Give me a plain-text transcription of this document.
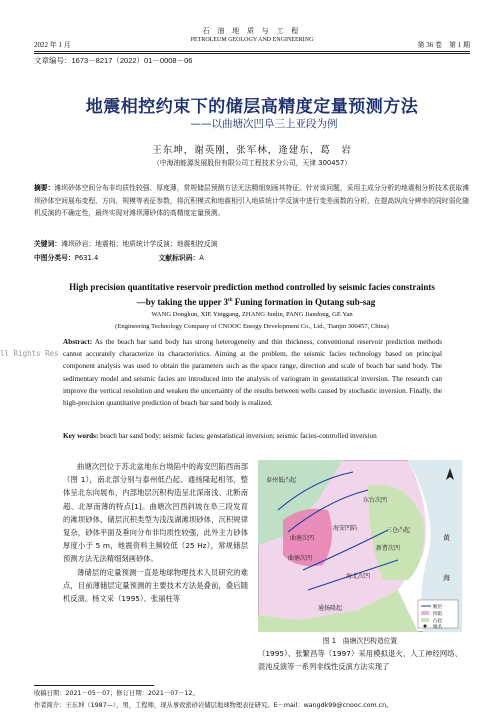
2022 年 1 月
石 油 地 质 与 工 程
PETROLEUM GEOLOGY AND ENGINEERING
第 36 卷　第 1 期
文章编号：1673－8217（2022）01－0008－06
地震相控约束下的储层高精度定量预测方法
——以曲塘次凹阜三上亚段为例
王东坤，谢英刚，张军林，逄建东，葛　岩
（中海油能源发展股份有限公司工程技术分公司，天津 300457）
摘要：滩坝砂体空间分布非均质性较强、厚度薄，常规储层预测方法无法精细刻画其特征。针对该问题，采用主成分分析的地震相分析技术获取滩坝砂体空间展布变程、方向、规模等表征参数，将沉积模式和地震相引入地质统计学反演中进行变差函数的分析，在提高纵向分辨率的同时弱化随机反演的不确定性，最终实现对滩坝薄砂体的高精度定量预测。
关键词：滩坝砂岩；地震相；地质统计学反演；地震相控反演
中图分类号：P631.4	文献标识码：A
High precision quantitative reservoir prediction method controlled by seismic facies constraints
—by taking the upper 3th Funing formation in Qutang sub-sag
WANG Dongkun, XIE Yinggang, ZHANG Junlin, PANG Jiandong, GE Yan
(Engineering Technology Company of CNOOC Energy Development Co., Ltd., Tianjin 300457, China)
ll Rights Res
Abstract: As the beach bar sand body has strong heterogeneity and thin thickness, conventional reservoir prediction methods cannot accurately characterize its characteristics. Aiming at the problem, the seismic facies technology based on principal component analysis was used to obtain the parameters such as the space range, direction and scale of beach bar sand body. The sedimentary model and seismic facies are introduced into the analysis of variogram in geostatistical inversion. The research can improve the vertical resolution and weaken the uncertainty of the results between wells caused by stochastic inversion. Finally, the high-precision quantitative prediction of beach bar sand body is realized.
Key words: beach bar sand body; seismic facies; genstatistical inversion; seismic facies-controlled inversion
曲塘次凹位于苏北盆地东台坳陷中的海安凹陷西南部（图 1），南北部分别与泰州低凸起、通扬隆起相邻，整体呈北东向展布，内部地层沉积构造呈北深南浅、北断南超、北厚南薄的特点[1]。曲塘次凹西斜坡在阜三段发育的滩坝砂体，储层沉积类型为浅浅湖滩坝砂体，沉积规律复杂，砂体平面及垂向分布非均质性较强，此外主力砂体厚度小于 5 m，地震资料主频较低（25 Hz），常规储层预测方法无法精细刻画砂体。
薄储层的定量预测一直是地球物理技术人员研究的难点，目前薄储层定量预测的主要技术方法是叠前，叠后随机反演。杨文采（1995）、张丽柱等
泰州低凸起
曲塘次凹
海安凹陷
通扬隆起
三仓凸起
新曹次凹
海北次凹
曲塘次凹
东台次凹
黄
海
断层
凹陷
凸起
地名
图 1　曲塘次凹构造位置
（1995）、张繁昌等（1997）采用模拟退火、人工神经网络、混沌反演等一系列非线性反演方法实现了
收稿日期：2021－05－07；修订日期：2021－07－12。
作者简介：王东坤（1987—），男，工程师，现从事致密砂岩储层地球物理表征研究。E－mail：wangdk99@cnooc.com.cn。
